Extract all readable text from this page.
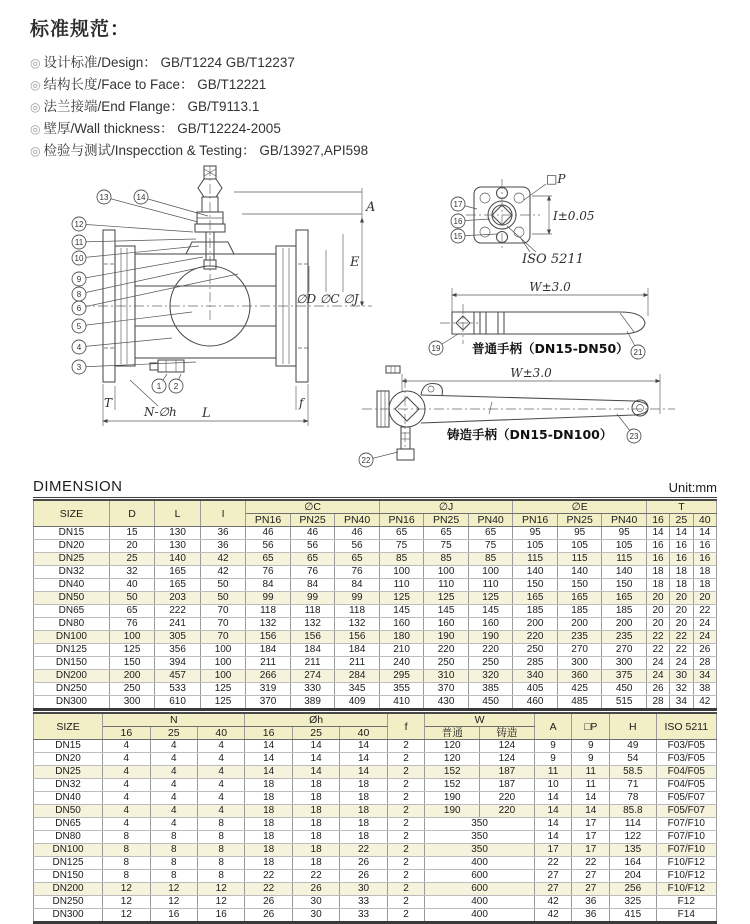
标准规范：
◎ 设计标准/Design： GB/T1224 GB/T12237
◎ 结构长度/Face to Face： GB/T12221
◎ 法兰接端/End Flange： GB/T9113.1
◎ 壁厚/Wall thickness： GB/T12224-2005
◎ 检验与测试/Inspecction & Testing： GB/13927,API598
A
E
∅D ∅C ∅J
L
T	f
N-∅h
13	14
12
11
10
9
8
6
5
4
3
1 2
□P
I±0.05
ISO 5211
17
16
15
W±3.0
19	21
普通手柄（DN15-DN50）
W±3.0
22
23
铸造手柄（DN15-DN100）
DIMENSION	Unit:mm
SIZE	D	L	I	∅C			∅J			∅E			T		
				PN16	PN25	PN40	PN16	PN25	PN40	PN16	PN25	PN40	16	25	40
DN15	15	130	36	46	46	46	65	65	65	95	95	95	14	14	14
DN20	20	130	36	56	56	56	75	75	75	105	105	105	16	16	16
DN25	25	140	42	65	65	65	85	85	85	115	115	115	16	16	16
DN32	32	165	42	76	76	76	100	100	100	140	140	140	18	18	18
DN40	40	165	50	84	84	84	110	110	110	150	150	150	18	18	18
DN50	50	203	50	99	99	99	125	125	125	165	165	165	20	20	20
DN65	65	222	70	118	118	118	145	145	145	185	185	185	20	20	22
DN80	76	241	70	132	132	132	160	160	160	200	200	200	20	20	24
DN100	100	305	70	156	156	156	180	190	190	220	235	235	22	22	24
DN125	125	356	100	184	184	184	210	220	220	250	270	270	22	22	26
DN150	150	394	100	211	211	211	240	250	250	285	300	300	24	24	28
DN200	200	457	100	266	274	284	295	310	320	340	360	375	24	30	34
DN250	250	533	125	319	330	345	355	370	385	405	425	450	26	32	38
DN300	300	610	125	370	389	409	410	430	450	460	485	515	28	34	42
SIZE	N			Øh			f	W		A	□P	H	ISO 5211
	16	25	40	16	25	40		普通	铸造				
DN15	4	4	4	14	14	14	2	120	124	9	9	49	F03/F05
DN20	4	4	4	14	14	14	2	120	124	9	9	54	F03/F05
DN25	4	4	4	14	14	14	2	152	187	11	11	58.5	F04/F05
DN32	4	4	4	18	18	18	2	152	187	10	11	71	F04/F05
DN40	4	4	4	18	18	18	2	190	220	14	14	78	F05/F07
DN50	4	4	4	18	18	18	2	190	220	14	14	85.8	F05/F07
DN65	4	4	8	18	18	18	2	350		14	17	114	F07/F10
DN80	8	8	8	18	18	18	2	350		14	17	122	F07/F10
DN100	8	8	8	18	18	22	2	350		17	17	135	F07/F10
DN125	8	8	8	18	18	26	2	400		22	22	164	F10/F12
DN150	8	8	8	22	22	26	2	600		27	27	204	F10/F12
DN200	12	12	12	22	26	30	2	600		27	27	256	F10/F12
DN250	12	12	12	26	30	33	2	400		42	36	325	F12
DN300	12	16	16	26	30	33	2	400		42	36	415	F14
